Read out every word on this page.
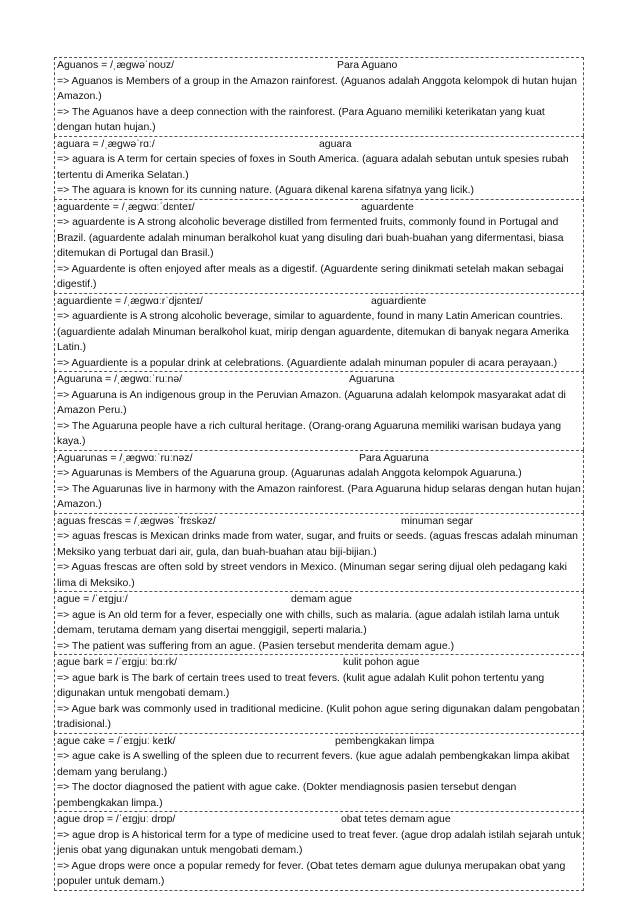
Aguanos = /ˌæɡwəˈnoʊz/	Para Aguano
=> Aguanos is Members of a group in the Amazon rainforest. (Aguanos adalah Anggota kelompok di hutan hujan Amazon.)
=> The Aguanos have a deep connection with the rainforest. (Para Aguano memiliki keterikatan yang kuat dengan hutan hujan.)
aguara = /ˌæɡwəˈrɑː/	aguara
=> aguara is A term for certain species of foxes in South America. (aguara adalah sebutan untuk spesies rubah tertentu di Amerika Selatan.)
=> The aguara is known for its cunning nature. (Aguara dikenal karena sifatnya yang licik.)
aguardente = /ˌæɡwɑːˈdɛnteɪ/	aguardente
=> aguardente is A strong alcoholic beverage distilled from fermented fruits, commonly found in Portugal and Brazil. (aguardente adalah minuman beralkohol kuat yang disuling dari buah-buahan yang difermentasi, biasa ditemukan di Portugal dan Brasil.)
=> Aguardente is often enjoyed after meals as a digestif. (Aguardente sering dinikmati setelah makan sebagai digestif.)
aguardiente = /ˌæɡwɑːrˈdjɛnteɪ/	aguardiente
=> aguardiente is A strong alcoholic beverage, similar to aguardente, found in many Latin American countries. (aguardiente adalah Minuman beralkohol kuat, mirip dengan aguardente, ditemukan di banyak negara Amerika Latin.)
=> Aguardiente is a popular drink at celebrations. (Aguardiente adalah minuman populer di acara perayaan.)
Aguaruna = /ˌæɡwɑːˈruːnə/	Aguaruna
=> Aguaruna is An indigenous group in the Peruvian Amazon. (Aguaruna adalah kelompok masyarakat adat di Amazon Peru.)
=> The Aguaruna people have a rich cultural heritage. (Orang-orang Aguaruna memiliki warisan budaya yang kaya.)
Aguarunas = /ˌæɡwɑːˈruːnəz/	Para Aguaruna
=> Aguarunas is Members of the Aguaruna group. (Aguarunas adalah Anggota kelompok Aguaruna.)
=> The Aguarunas live in harmony with the Amazon rainforest. (Para Aguaruna hidup selaras dengan hutan hujan Amazon.)
aguas frescas = /ˌæɡwəs ˈfrɛskəz/	minuman segar
=> aguas frescas is Mexican drinks made from water, sugar, and fruits or seeds. (aguas frescas adalah minuman Meksiko yang terbuat dari air, gula, dan buah-buahan atau biji-bijian.)
=> Aguas frescas are often sold by street vendors in Mexico. (Minuman segar sering dijual oleh pedagang kaki lima di Meksiko.)
ague = /ˈeɪɡjuː/	demam ague
=> ague is An old term for a fever, especially one with chills, such as malaria. (ague adalah istilah lama untuk demam, terutama demam yang disertai menggigil, seperti malaria.)
=> The patient was suffering from an ague. (Pasien tersebut menderita demam ague.)
ague bark = /ˈeɪɡjuː bɑːrk/	kulit pohon ague
=> ague bark is The bark of certain trees used to treat fevers. (kulit ague adalah Kulit pohon tertentu yang digunakan untuk mengobati demam.)
=> Ague bark was commonly used in traditional medicine. (Kulit pohon ague sering digunakan dalam pengobatan tradisional.)
ague cake = /ˈeɪɡjuː keɪk/	pembengkakan limpa
=> ague cake is A swelling of the spleen due to recurrent fevers. (kue ague adalah pembengkakan limpa akibat demam yang berulang.)
=> The doctor diagnosed the patient with ague cake. (Dokter mendiagnosis pasien tersebut dengan pembengkakan limpa.)
ague drop = /ˈeɪɡjuː drɒp/	obat tetes demam ague
=> ague drop is A historical term for a type of medicine used to treat fever. (ague drop adalah istilah sejarah untuk jenis obat yang digunakan untuk mengobati demam.)
=> Ague drops were once a popular remedy for fever. (Obat tetes demam ague dulunya merupakan obat yang populer untuk demam.)
